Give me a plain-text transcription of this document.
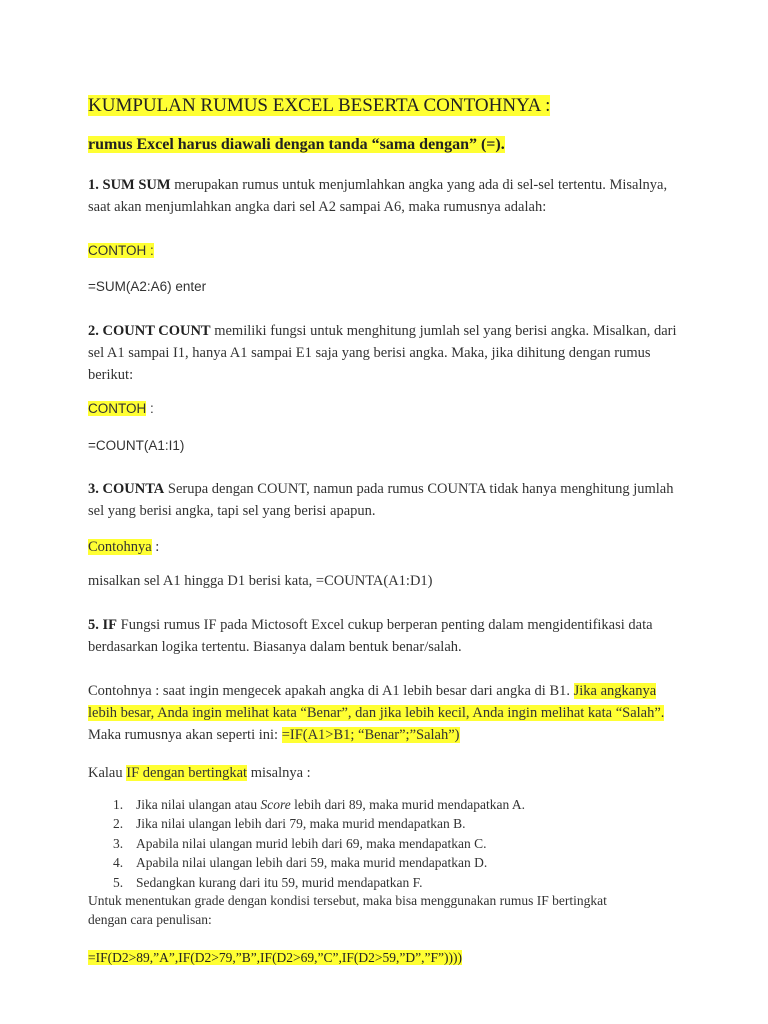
KUMPULAN RUMUS EXCEL BESERTA CONTOHNYA :
rumus Excel harus diawali dengan tanda “sama dengan” (=).

1. SUM SUM merupakan rumus untuk menjumlahkan angka yang ada di sel-sel tertentu. Misalnya, saat akan menjumlahkan angka dari sel A2 sampai A6, maka rumusnya adalah:

CONTOH :

=SUM(A2:A6) enter

2. COUNT COUNT memiliki fungsi untuk menghitung jumlah sel yang berisi angka. Misalkan, dari sel A1 sampai I1, hanya A1 sampai E1 saja yang berisi angka. Maka, jika dihitung dengan rumus berikut:

CONTOH :

=COUNT(A1:I1)

3. COUNTA Serupa dengan COUNT, namun pada rumus COUNTA tidak hanya menghitung jumlah sel yang berisi angka, tapi sel yang berisi apapun.

Contohnya :

misalkan sel A1 hingga D1 berisi kata, =COUNTA(A1:D1)

5. IF Fungsi rumus IF pada Mictosoft Excel cukup berperan penting dalam mengidentifikasi data berdasarkan logika tertentu. Biasanya dalam bentuk benar/salah.

Contohnya : saat ingin mengecek apakah angka di A1 lebih besar dari angka di B1. Jika angkanya lebih besar, Anda ingin melihat kata “Benar”, dan jika lebih kecil, Anda ingin melihat kata “Salah”. Maka rumusnya akan seperti ini: =IF(A1>B1; “Benar”;”Salah”)

Kalau IF dengan bertingkat misalnya :

1. Jika nilai ulangan atau Score lebih dari 89, maka murid mendapatkan A.
2. Jika nilai ulangan lebih dari 79, maka murid mendapatkan B.
3. Apabila nilai ulangan murid lebih dari 69, maka mendapatkan C.
4. Apabila nilai ulangan lebih dari 59, maka murid mendapatkan D.
5. Sedangkan kurang dari itu 59, murid mendapatkan F.

Untuk menentukan grade dengan kondisi tersebut, maka bisa menggunakan rumus IF bertingkat dengan cara penulisan:

=IF(D2>89,”A”,IF(D2>79,”B”,IF(D2>69,”C”,IF(D2>59,”D”,”F”))))
